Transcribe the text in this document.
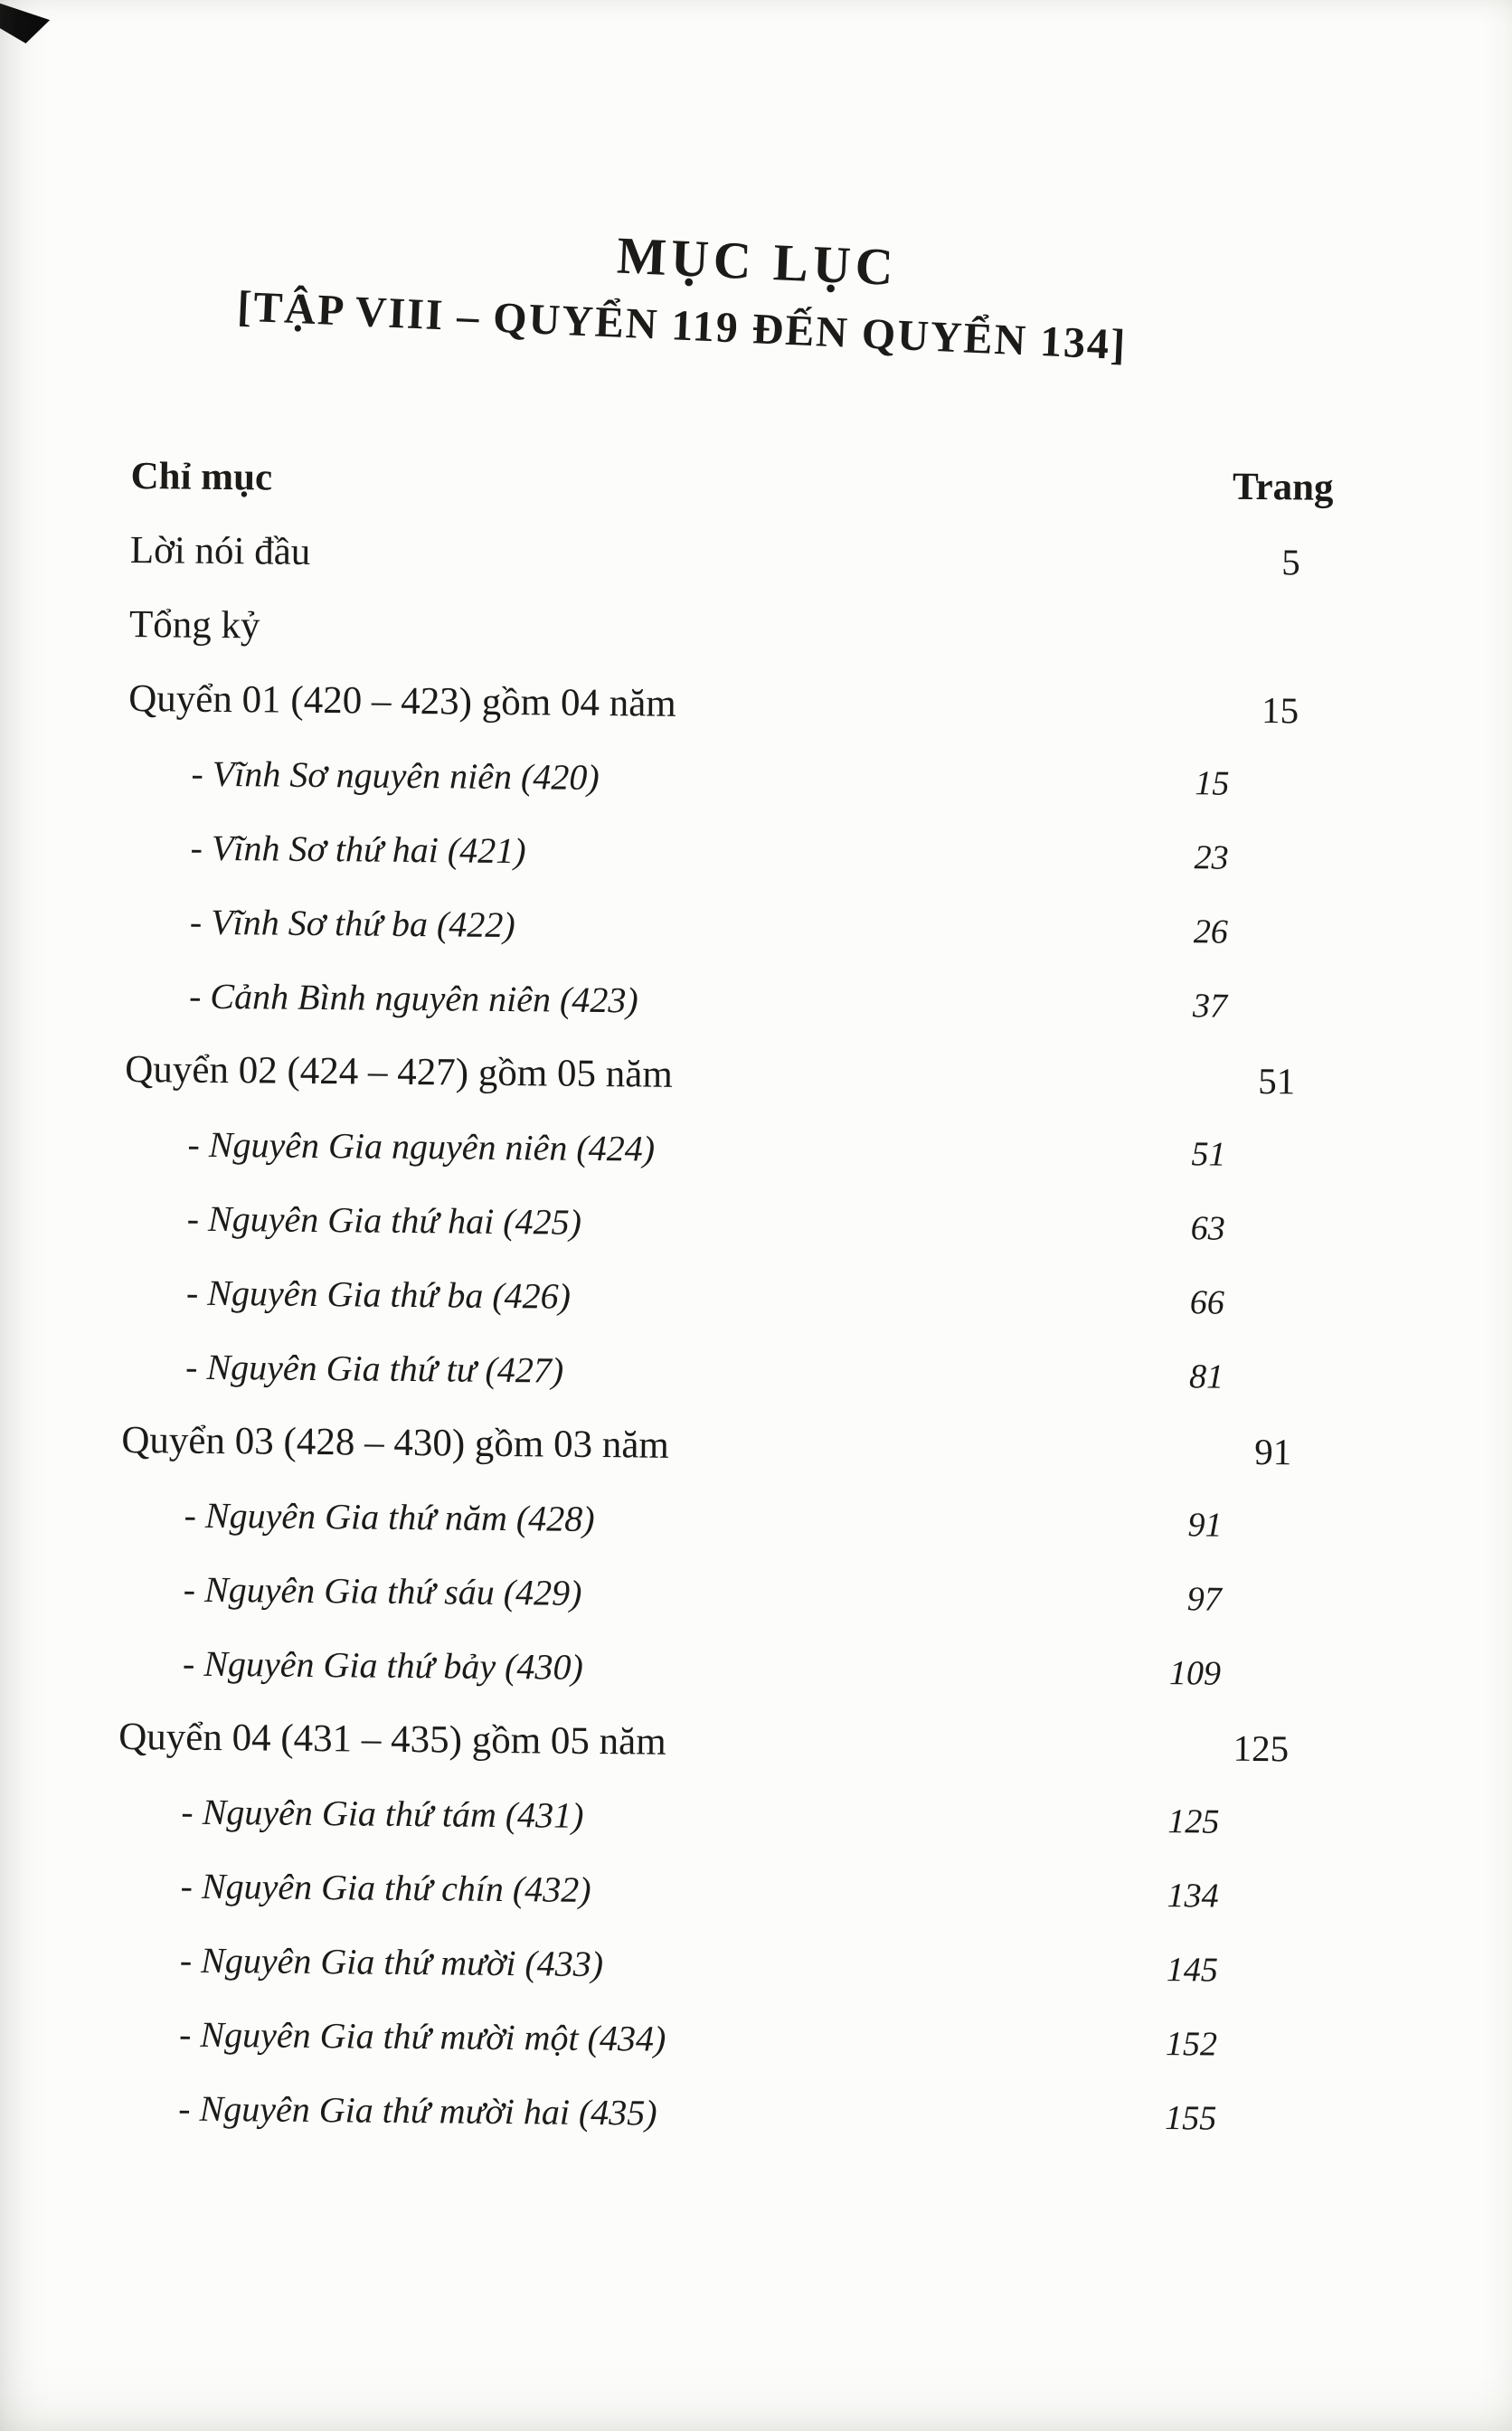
MỤC LỤC
[TẬP VIII – QUYỂN 119 ĐẾN QUYỂN 134]
Chỉ mục	Trang
Lời nói đầu	5
Tổng kỷ
Quyển 01 (420 – 423) gồm 04 năm	15
- Vĩnh Sơ nguyên niên (420)	15
- Vĩnh Sơ thứ hai (421)	23
- Vĩnh Sơ thứ ba (422)	26
- Cảnh Bình nguyên niên (423)	37
Quyển 02 (424 – 427) gồm 05 năm	51
- Nguyên Gia nguyên niên (424)	51
- Nguyên Gia thứ hai (425)	63
- Nguyên Gia thứ ba (426)	66
- Nguyên Gia thứ tư (427)	81
Quyển 03 (428 – 430) gồm 03 năm	91
- Nguyên Gia thứ năm (428)	91
- Nguyên Gia thứ sáu (429)	97
- Nguyên Gia thứ bảy (430)	109
Quyển 04 (431 – 435) gồm 05 năm	125
- Nguyên Gia thứ tám (431)	125
- Nguyên Gia thứ chín (432)	134
- Nguyên Gia thứ mười (433)	145
- Nguyên Gia thứ mười một (434)	152
- Nguyên Gia thứ mười hai (435)	155
